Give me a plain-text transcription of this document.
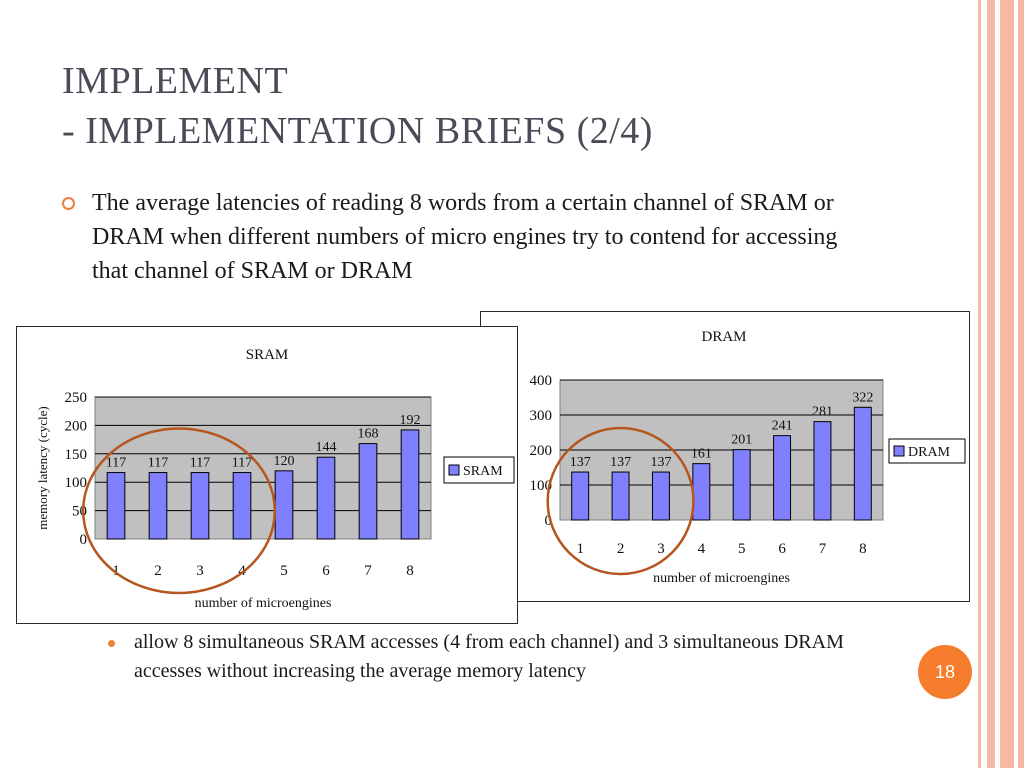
IMPLEMENT
- IMPLEMENTATION BRIEFS (2/4)
The average latencies of reading 8 words from a certain channel of SRAM or DRAM when different numbers of micro engines try to contend for accessing that channel of SRAM or DRAM
0
100
200
300
400
137
1
137
2
137
3
161
4
201
5
241
6
281
7
322
8
DRAM
number of microengines
DRAM
0
50
100
150
200
250
117
1
117
2
117
3
117
4
120
5
144
6
168
7
192
8
SRAM
number of microengines
memory latency (cycle)	SRAM
allow 8 simultaneous SRAM accesses (4 from each channel) and 3 simultaneous DRAM accesses without increasing the average memory latency	18
